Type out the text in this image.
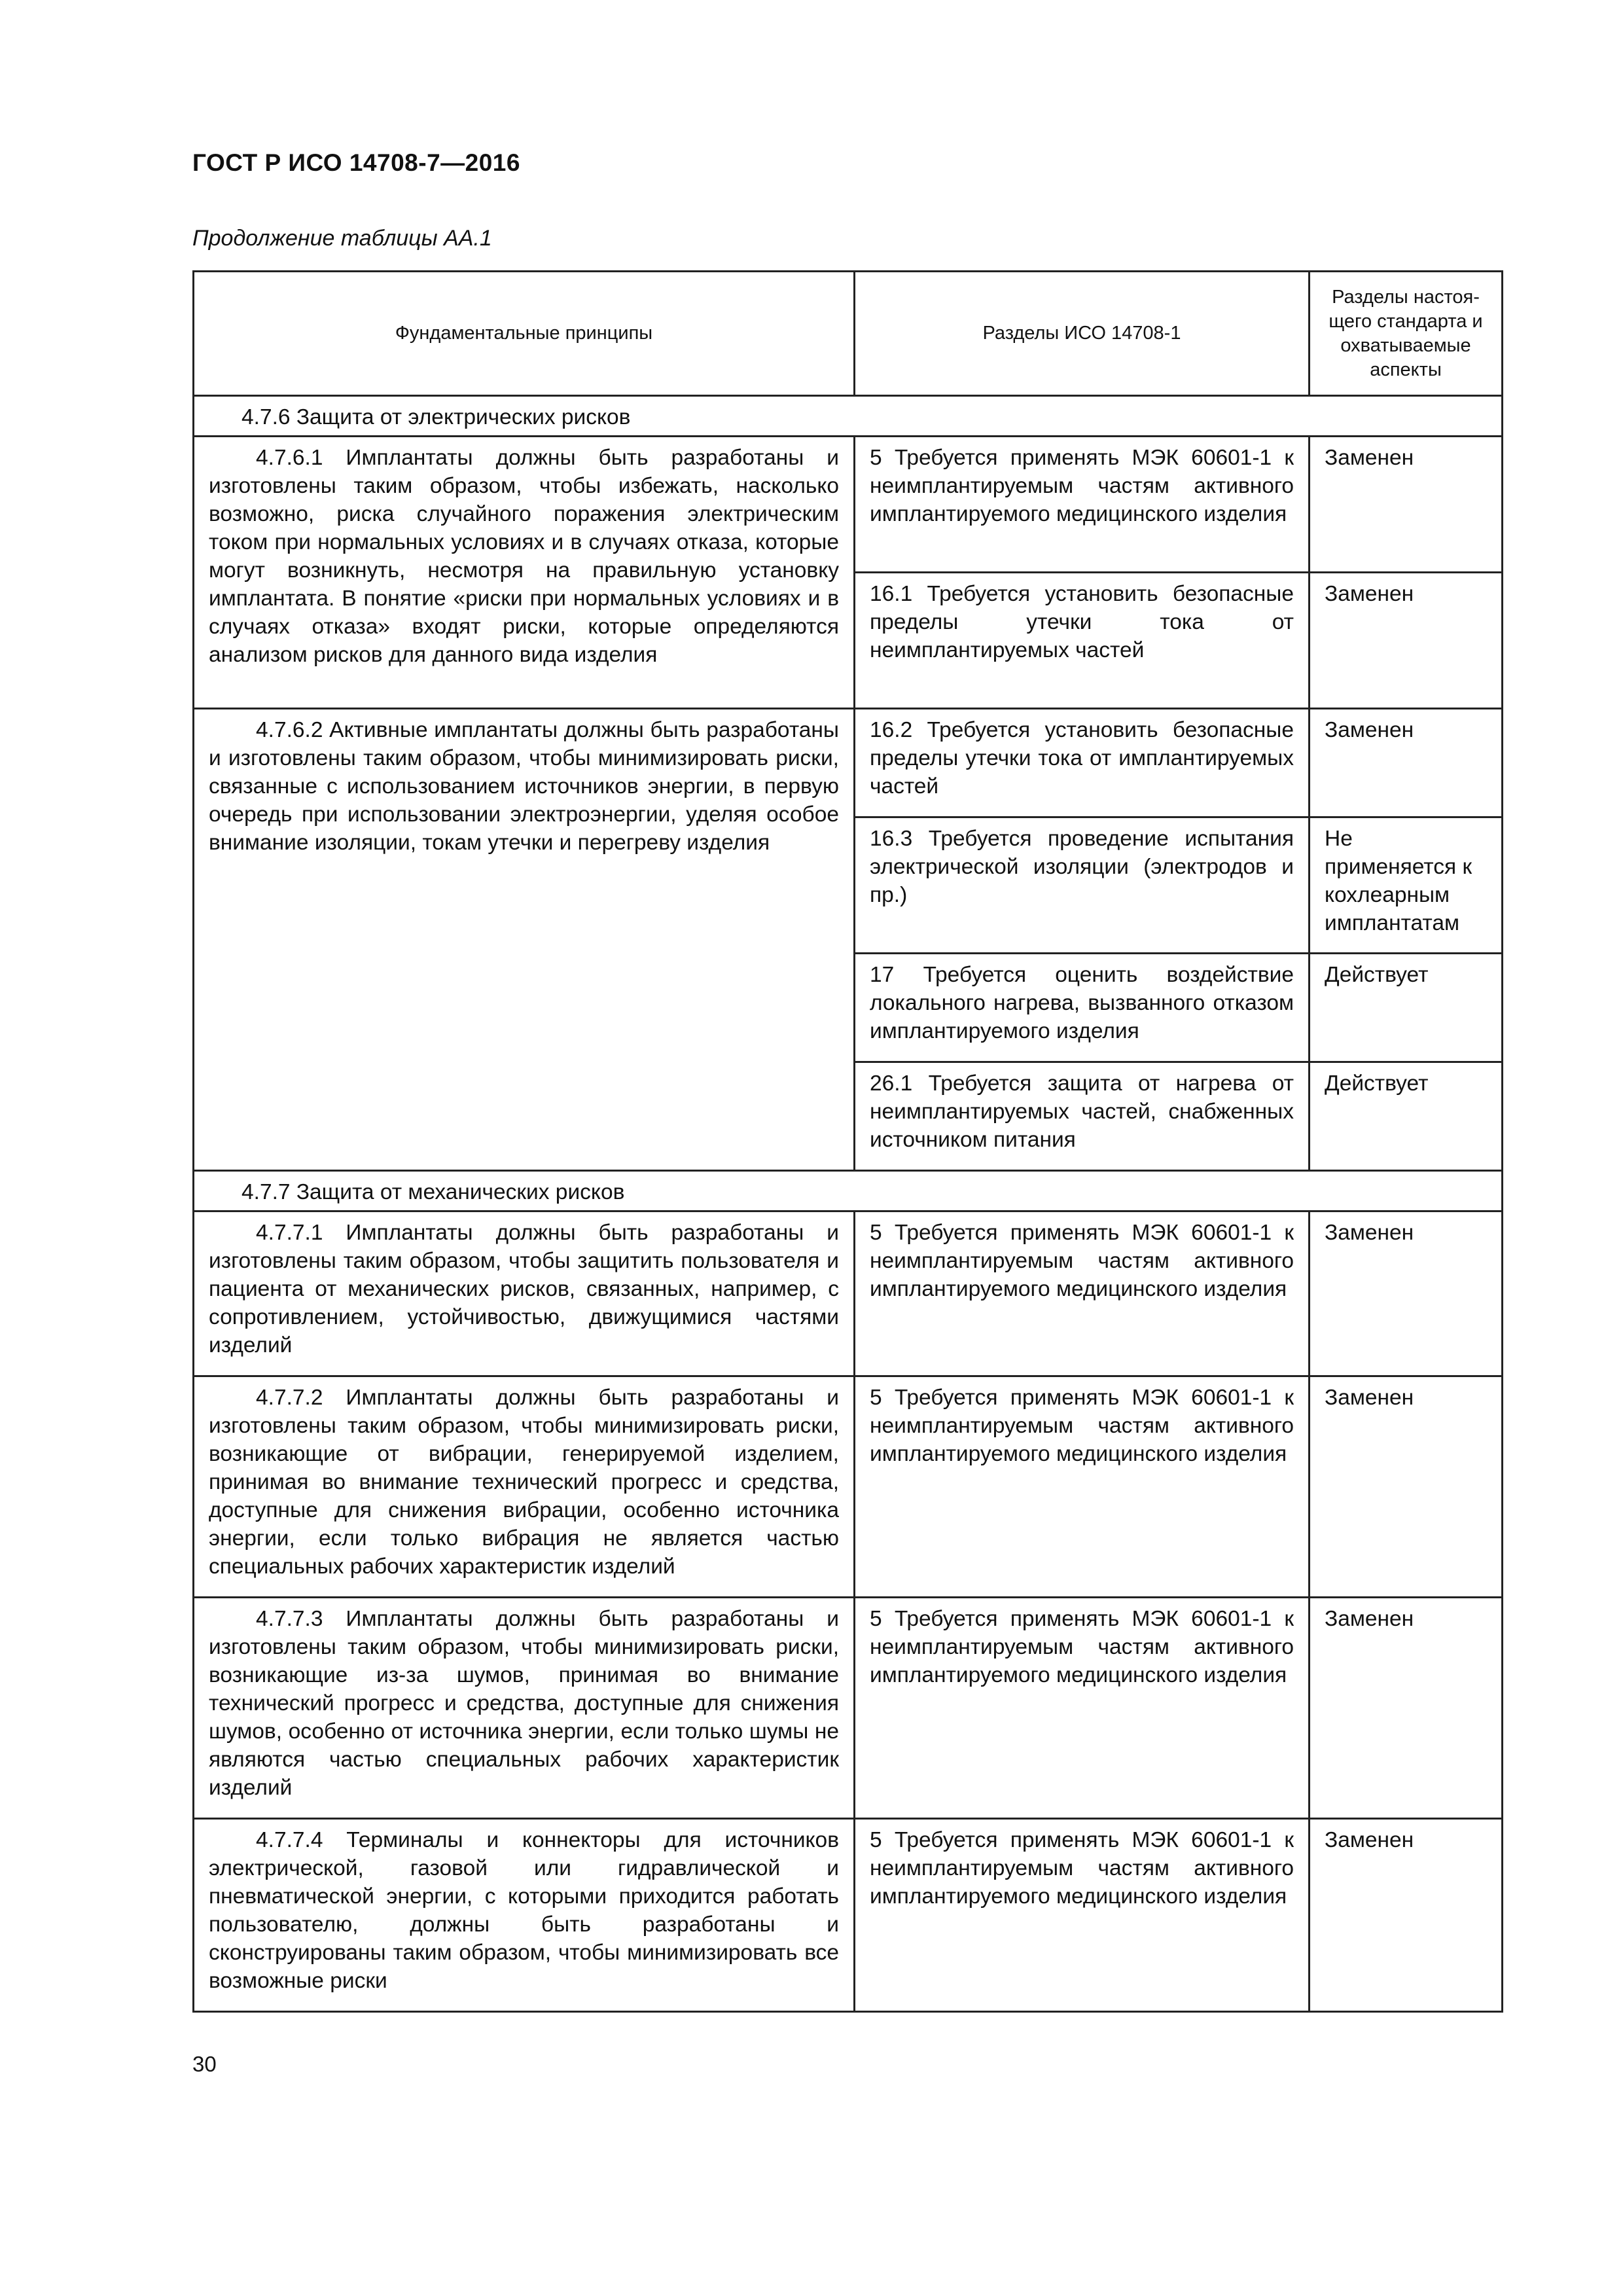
ГОСТ Р ИСО 14708-7—2016
Продолжение таблицы АА.1
Фундаментальные принципы	Разделы ИСО 14708-1	Разделы настоя-щего стандарта и охватываемые аспекты
4.7.6 Защита от электрических рисков		
4.7.6.1 Имплантаты должны быть разработаны и изготовлены таким образом, чтобы избежать, насколько возможно, риска случайного поражения электрическим током при нормальных условиях и в случаях отказа, которые могут возникнуть, несмотря на правильную установку имплантата. В понятие «риски при нормальных условиях и в случаях отказа» входят риски, которые определяются анализом рисков для данного вида изделия	5 Требуется применять МЭК 60601-1 к неимплантируемым частям активного имплантируемого медицинского изделия	Заменен
	16.1 Требуется установить безопасные пределы утечки тока от неимплантируемых частей	Заменен
4.7.6.2 Активные имплантаты должны быть разработаны и изготовлены таким образом, чтобы минимизировать риски, связанные с использованием источников энергии, в первую очередь при использовании электроэнергии, уделяя особое внимание изоляции, токам утечки и перегреву изделия	16.2 Требуется установить безопасные пределы утечки тока от имплантируемых частей	Заменен
	16.3 Требуется проведение испытания электрической изоляции (электродов и пр.)	Не применяется к кохлеарным имплантатам
	17 Требуется оценить воздействие локального нагрева, вызванного отказом имплантируемого изделия	Действует
	26.1 Требуется защита от нагрева от неимплантируемых частей, снабженных источником питания	Действует
4.7.7 Защита от механических рисков		
4.7.7.1 Имплантаты должны быть разработаны и изготовлены таким образом, чтобы защитить пользователя и пациента от механических рисков, связанных, например, с сопротивлением, устойчивостью, движущимися частями изделий	5 Требуется применять МЭК 60601-1 к неимплантируемым частям активного имплантируемого медицинского изделия	Заменен
4.7.7.2 Имплантаты должны быть разработаны и изготовлены таким образом, чтобы минимизировать риски, возникающие от вибрации, генерируемой изделием, принимая во внимание технический прогресс и средства, доступные для снижения вибрации, особенно источника энергии, если только вибрация не является частью специальных рабочих характеристик изделий	5 Требуется применять МЭК 60601-1 к неимплантируемым частям активного имплантируемого медицинского изделия	Заменен
4.7.7.3 Имплантаты должны быть разработаны и изготовлены таким образом, чтобы минимизировать риски, возникающие из-за шумов, принимая во внимание технический прогресс и средства, доступные для снижения шумов, особенно от источника энергии, если только шумы не являются частью специальных рабочих характеристик изделий	5 Требуется применять МЭК 60601-1 к неимплантируемым частям активного имплантируемого медицинского изделия	Заменен
4.7.7.4 Терминалы и коннекторы для источников электрической, газовой или гидравлической и пневматической энергии, с которыми приходится работать пользователю, должны быть разработаны и сконструированы таким образом, чтобы минимизировать все возможные риски	5 Требуется применять МЭК 60601-1 к неимплантируемым частям активного имплантируемого медицинского изделия	Заменен
30
